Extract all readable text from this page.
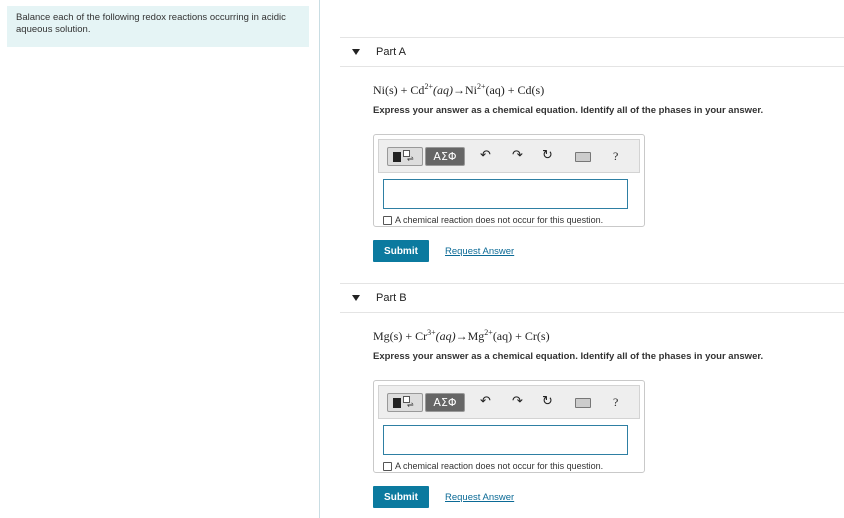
Balance each of the following redox reactions occurring in acidic aqueous solution.
Part A
$Ni(s) + Cd^{2+}(aq)\to Ni^{2+}(aq) + Cd(s)$
Express your answer as a chemical equation. Identify all of the phases in your answer.
⇌	ΑΣΦ	↶ ↷ ↻	?
A chemical reaction does not occur for this question.
Submit	Request Answer
Part B
$Mg(s) + Cr^{3+}(aq)\to Mg^{2+}(aq) + Cr(s)$
Express your answer as a chemical equation. Identify all of the phases in your answer.
⇌	ΑΣΦ	↶ ↷ ↻	?
A chemical reaction does not occur for this question.
Submit	Request Answer
